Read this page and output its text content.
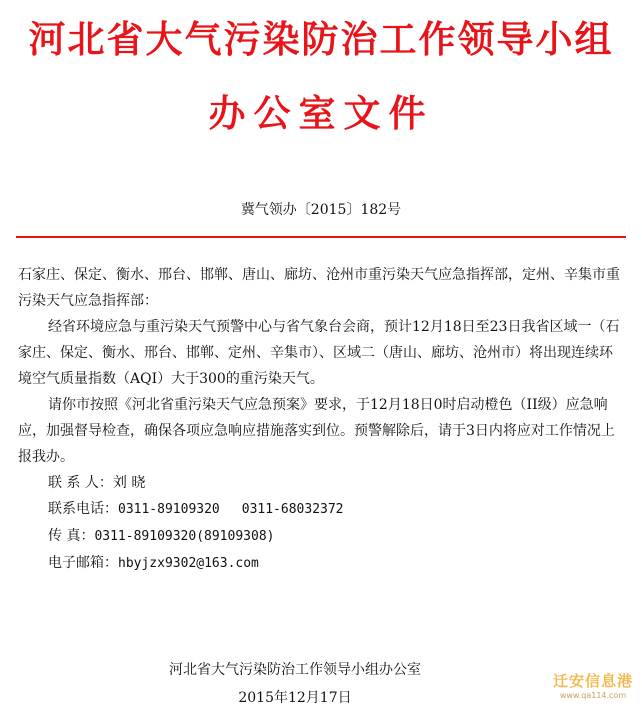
河北省大气污染防治工作领导小组
办公室文件
冀气领办〔2015〕182号

石家庄、保定、衡水、邢台、邯郸、唐山、廊坊、沧州市重污染天气应急指挥部，定州、辛集市重污染天气应急指挥部：

经省环境应急与重污染天气预警中心与省气象台会商，预计12月18日至23日我省区域一（石家庄、保定、衡水、邢台、邯郸、定州、辛集市）、区域二（唐山、廊坊、沧州市）将出现连续环境空气质量指数（AQI）大于300的重污染天气。

请你市按照《河北省重污染天气应急预案》要求，于12月18日0时启动橙色（II级）应急响应，加强督导检查，确保各项应急响应措施落实到位。预警解除后，请于3日内将应对工作情况上报我办。

联 系 人：刘 晓

联系电话：0311-89109320 0311-68032372

传 真：0311-89109320(89109308)

电子邮箱：hbyjzx9302@163.com

河北省大气污染防治工作领导小组办公室
2015年12月17日
迁安信息港
www.qa114.com
